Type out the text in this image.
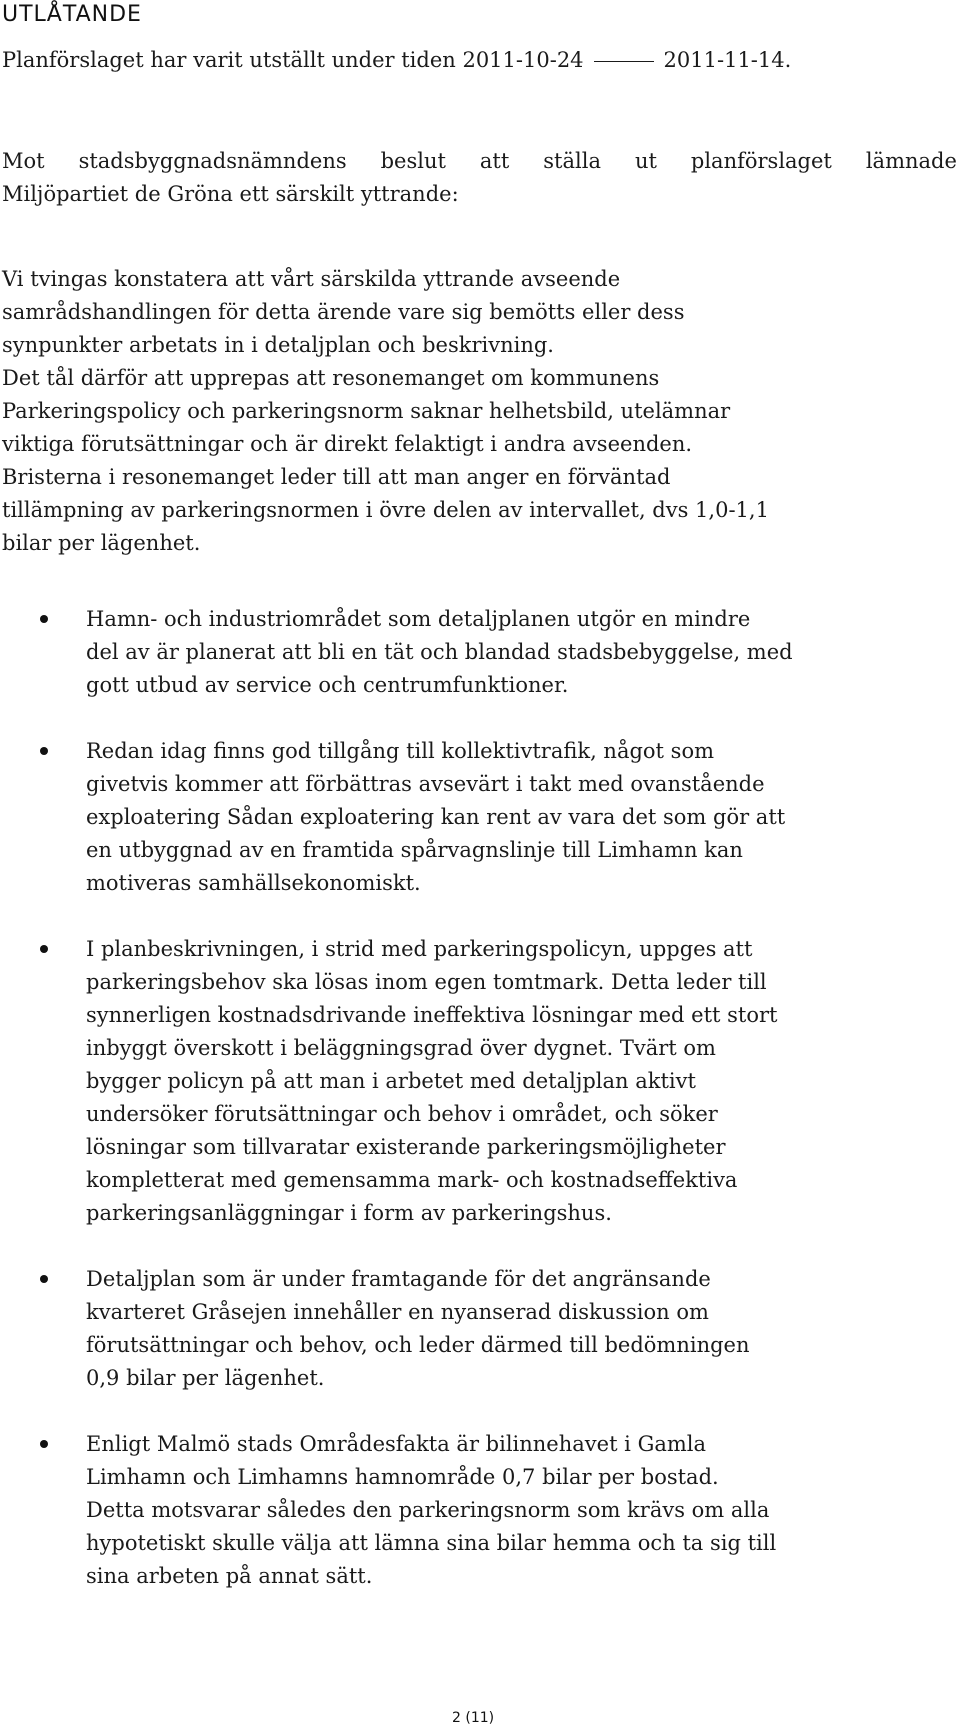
UTLÅTANDE

Planförslaget har varit utställt under tiden 2011-10-24	2011-11-14.

Mot stadsbyggnadsnämndens beslut att ställa ut planförslaget lämnade
Miljöpartiet de Gröna ett särskilt yttrande:

Vi tvingas konstatera att vårt särskilda yttrande avseende
samrådshandlingen för detta ärende vare sig bemötts eller dess
synpunkter arbetats in i detaljplan och beskrivning.
Det tål därför att upprepas att resonemanget om kommunens
Parkeringspolicy och parkeringsnorm saknar helhetsbild, utelämnar
viktiga förutsättningar och är direkt felaktigt i andra avseenden.
Bristerna i resonemanget leder till att man anger en förväntad
tillämpning av parkeringsnormen i övre delen av intervallet, dvs 1,0-1,1
bilar per lägenhet.
Hamn- och industriområdet som detaljplanen utgör en mindre
del av är planerat att bli en tät och blandad stadsbebyggelse, med
gott utbud av service och centrumfunktioner.
Redan idag finns god tillgång till kollektivtrafik, något som
givetvis kommer att förbättras avsevärt i takt med ovanstående
exploatering Sådan exploatering kan rent av vara det som gör att
en utbyggnad av en framtida spårvagnslinje till Limhamn kan
motiveras samhällsekonomiskt.
I planbeskrivningen, i strid med parkeringspolicyn, uppges att
parkeringsbehov ska lösas inom egen tomtmark. Detta leder till
synnerligen kostnadsdrivande ineffektiva lösningar med ett stort
inbyggt överskott i beläggningsgrad över dygnet. Tvärt om
bygger policyn på att man i arbetet med detaljplan aktivt
undersöker förutsättningar och behov i området, och söker
lösningar som tillvaratar existerande parkeringsmöjligheter
kompletterat med gemensamma mark- och kostnadseffektiva
parkeringsanläggningar i form av parkeringshus.
Detaljplan som är under framtagande för det angränsande
kvarteret Gråsejen innehåller en nyanserad diskussion om
förutsättningar och behov, och leder därmed till bedömningen
0,9 bilar per lägenhet.
Enligt Malmö stads Områdesfakta är bilinnehavet i Gamla
Limhamn och Limhamns hamnområde 0,7 bilar per bostad.
Detta motsvarar således den parkeringsnorm som krävs om alla
hypotetiskt skulle välja att lämna sina bilar hemma och ta sig till
sina arbeten på annat sätt.

2 (11)
